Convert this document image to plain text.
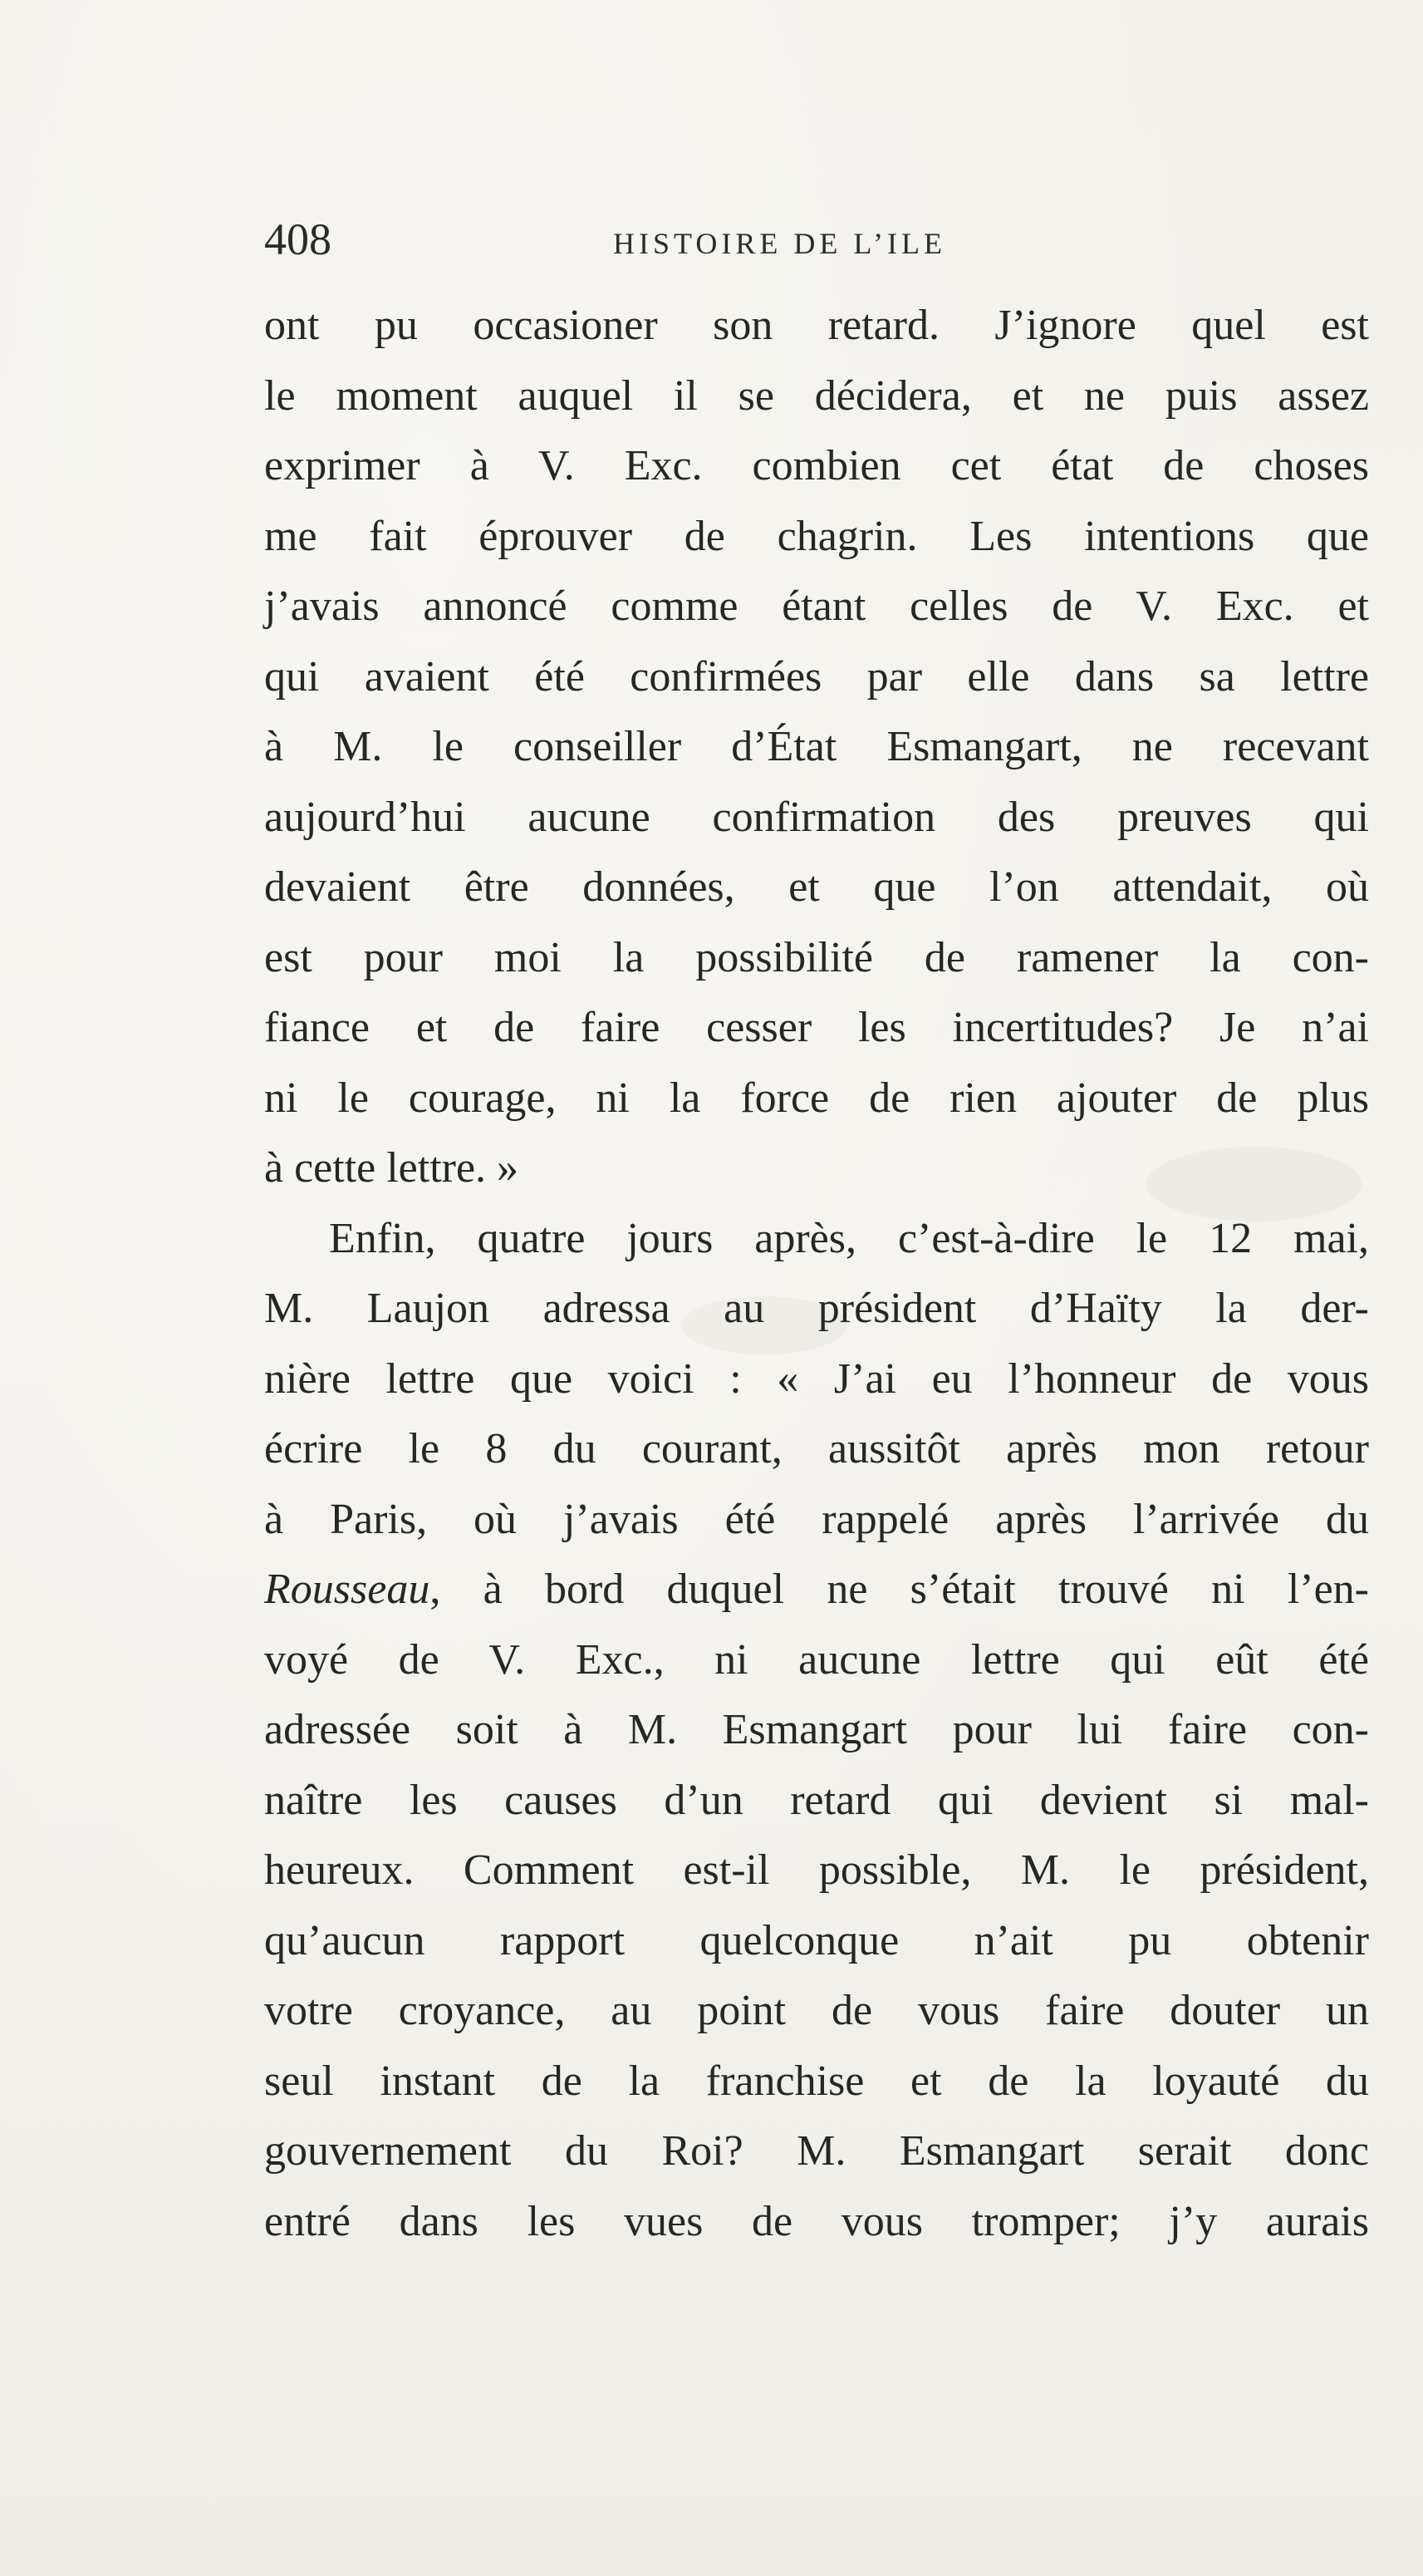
408	HISTOIRE DE L’ILE
ont pu occasioner son retard. J’ignore quel est
le moment auquel il se décidera, et ne puis assez
exprimer à V. Exc. combien cet état de choses
me fait éprouver de chagrin. Les intentions que
j’avais annoncé comme étant celles de V. Exc. et
qui avaient été confirmées par elle dans sa lettre
à M. le conseiller d’État Esmangart, ne recevant
aujourd’hui aucune confirmation des preuves qui
devaient être données, et que l’on attendait, où
est pour moi la possibilité de ramener la con-
fiance et de faire cesser les incertitudes? Je n’ai
ni le courage, ni la force de rien ajouter de plus
à cette lettre. »
Enfin, quatre jours après, c’est-à-dire le 12 mai,
M. Laujon adressa au président d’Haïty la der-
nière lettre que voici : « J’ai eu l’honneur de vous
écrire le 8 du courant, aussitôt après mon retour
à Paris, où j’avais été rappelé après l’arrivée du
Rousseau, à bord duquel ne s’était trouvé ni l’en-
voyé de V. Exc., ni aucune lettre qui eût été
adressée soit à M. Esmangart pour lui faire con-
naître les causes d’un retard qui devient si mal-
heureux. Comment est-il possible, M. le président,
qu’aucun rapport quelconque n’ait pu obtenir
votre croyance, au point de vous faire douter un
seul instant de la franchise et de la loyauté du
gouvernement du Roi? M. Esmangart serait donc
entré dans les vues de vous tromper; j’y aurais
